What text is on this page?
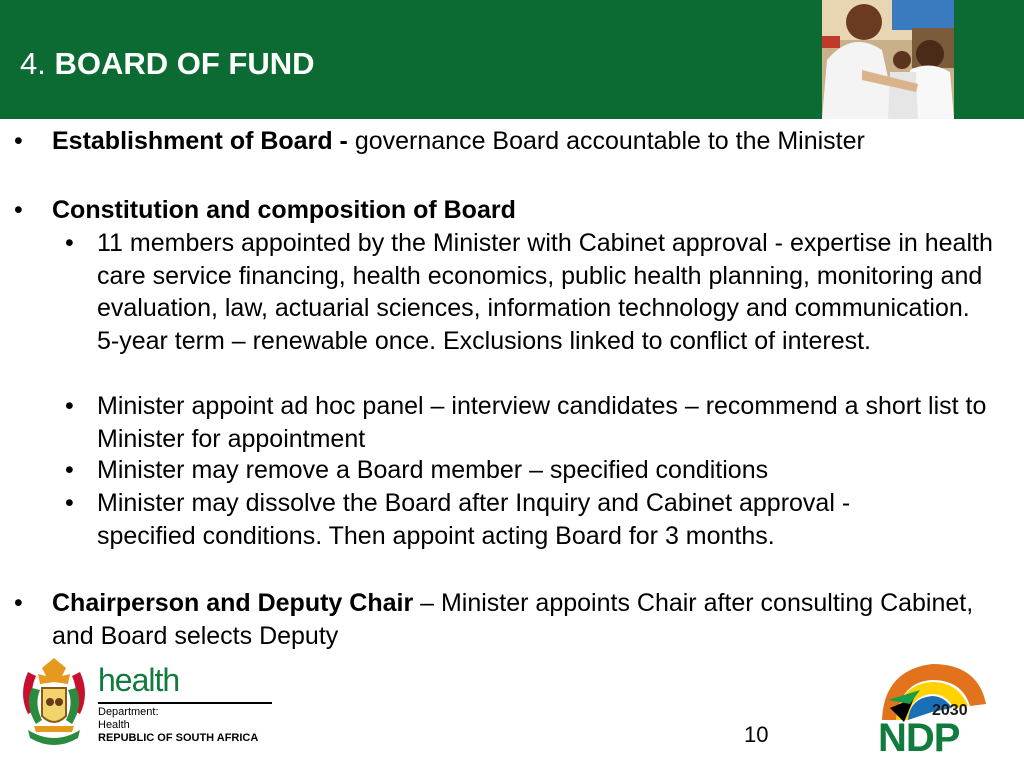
4. BOARD OF FUND
• Establishment of Board - governance Board accountable to the Minister
• Constitution and composition of Board
• 11 members appointed by the Minister with Cabinet approval - expertise in health care service financing, health economics, public health planning, monitoring and evaluation, law, actuarial sciences, information technology and communication. 5-year term – renewable once. Exclusions linked to conflict of interest.
• Minister appoint ad hoc panel – interview candidates – recommend a short list to Minister for appointment
• Minister may remove a Board member – specified conditions
• Minister may dissolve the Board after Inquiry and Cabinet approval - specified conditions. Then appoint acting Board for 3 months.
• Chairperson and Deputy Chair – Minister appoints Chair after consulting Cabinet, and Board selects Deputy
health
Department:
Health
REPUBLIC OF SOUTH AFRICA	10
2030
NDP
